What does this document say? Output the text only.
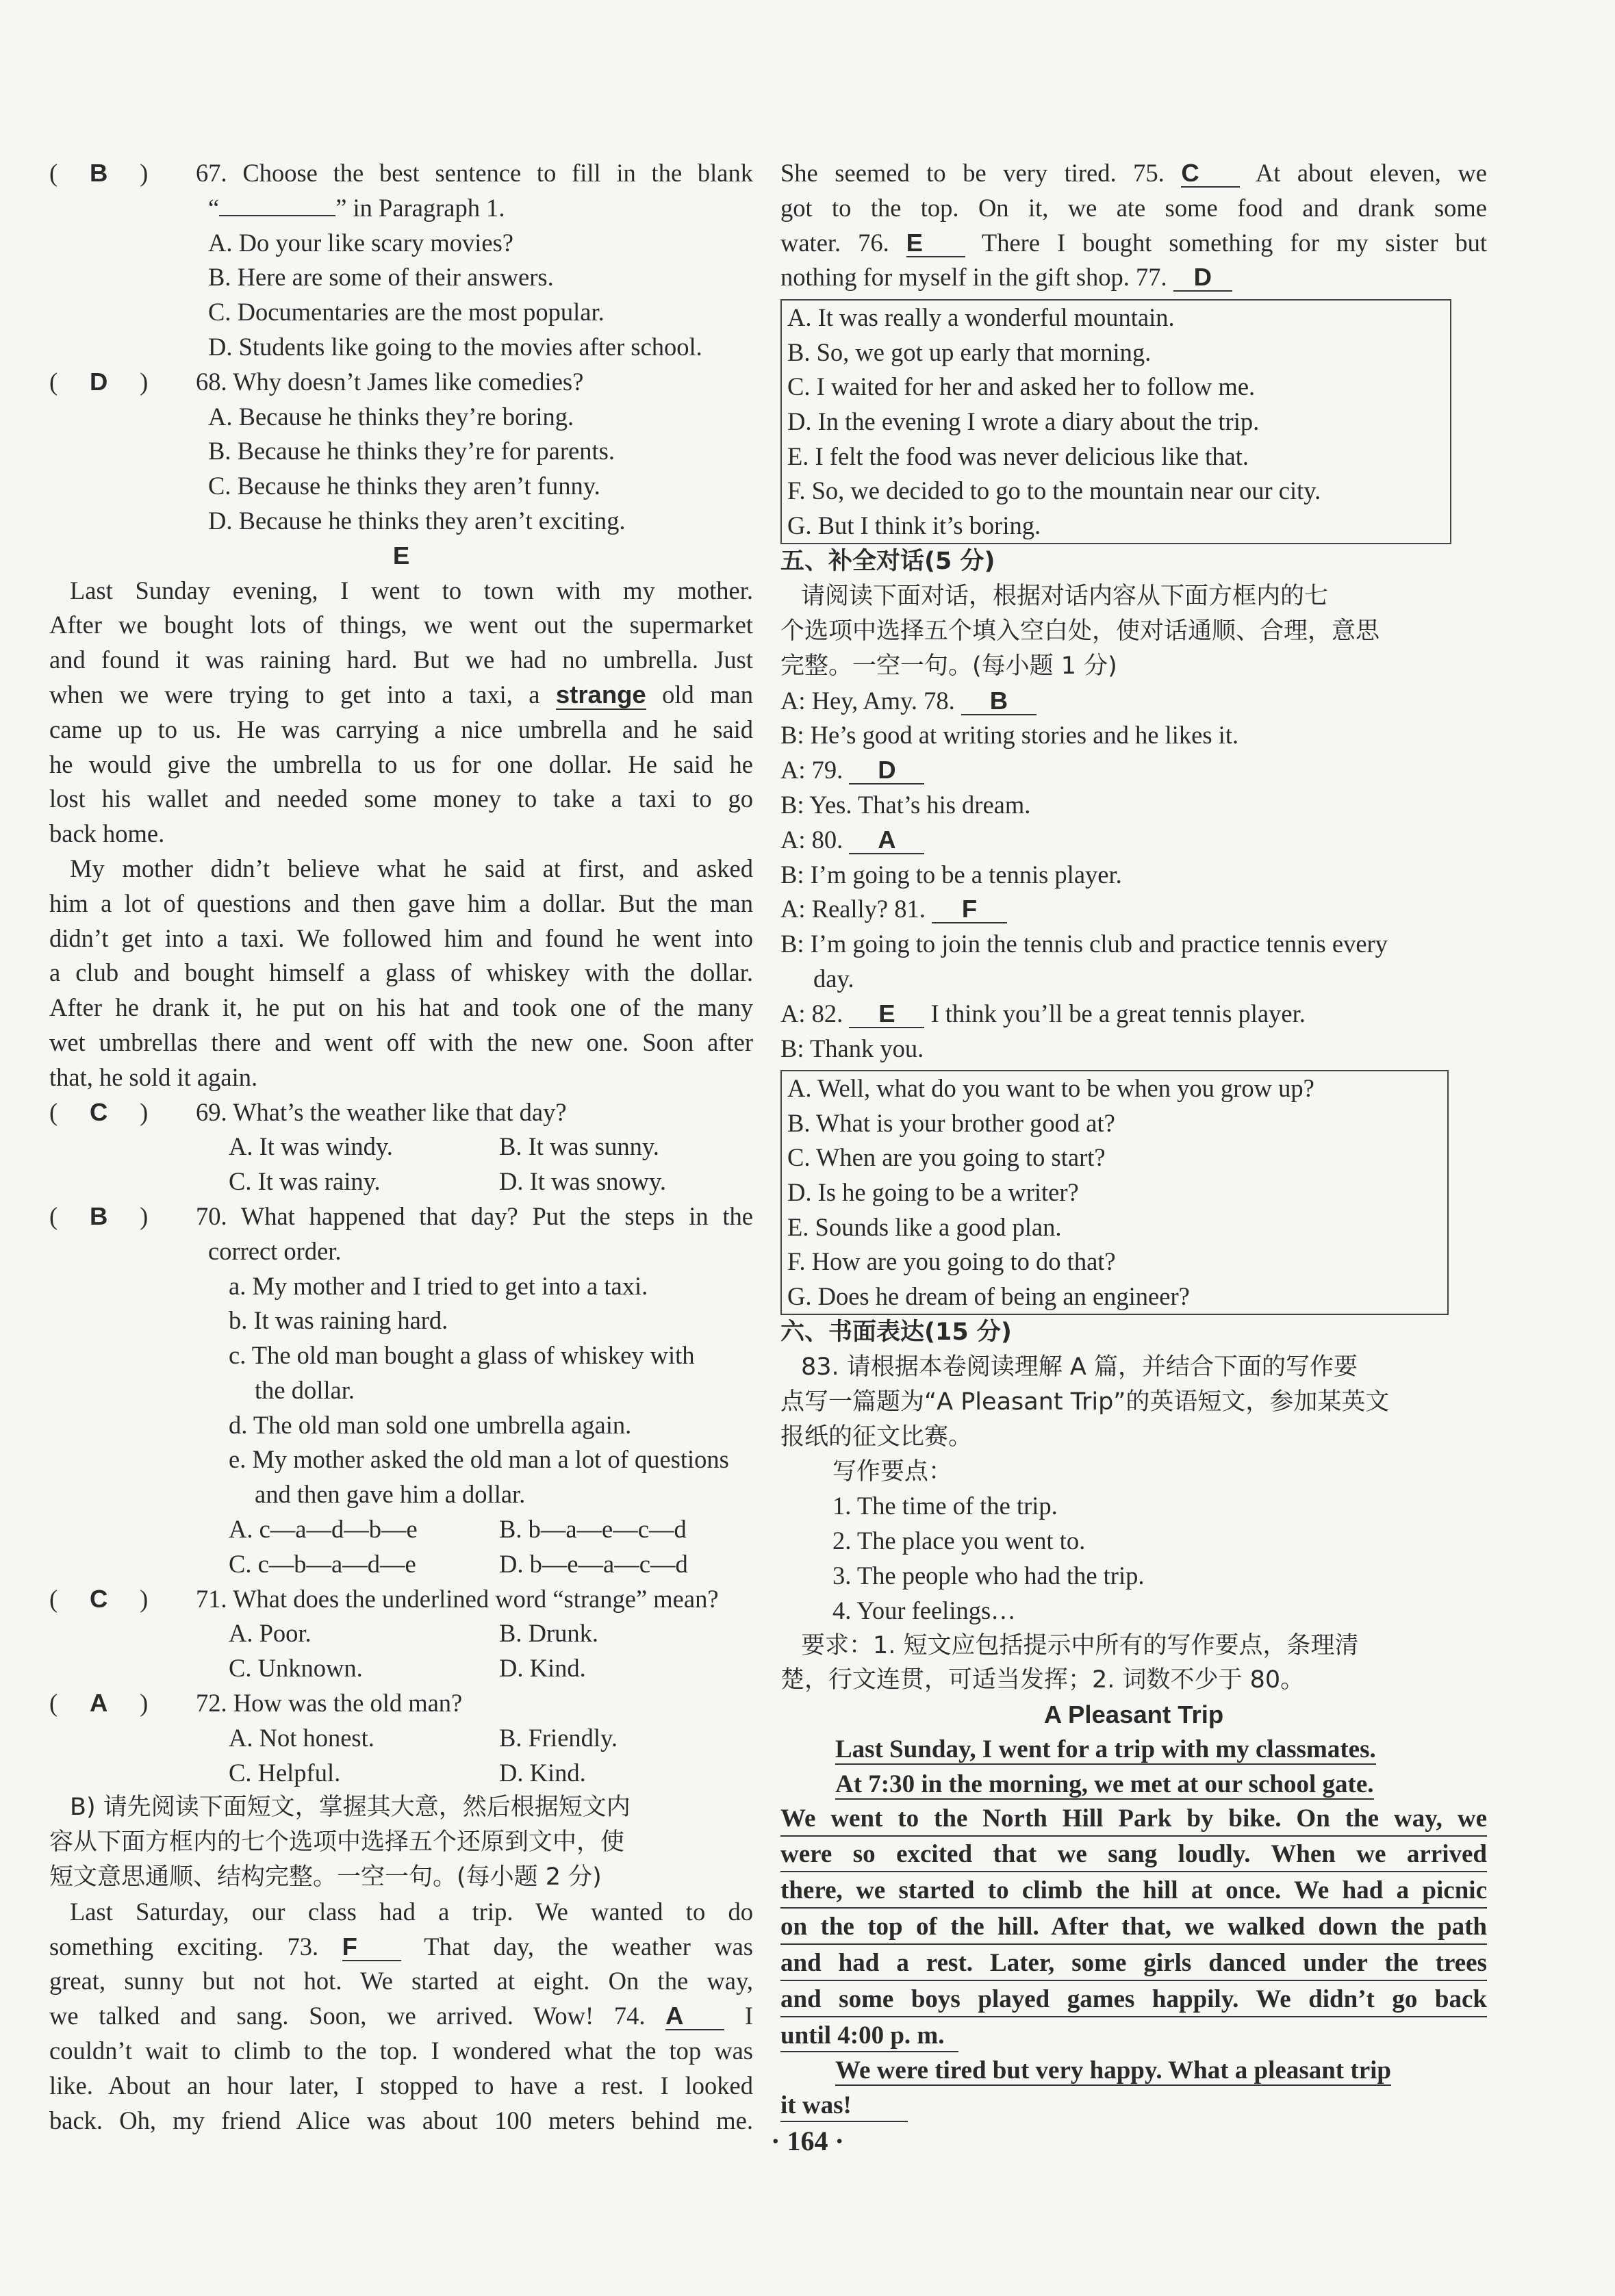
( B ) 67. Choose the best sentence to fill in the blank
“	” in Paragraph 1.
A. Do your like scary movies?
B. Here are some of their answers.
C. Documentaries are the most popular.
D. Students like going to the movies after school.
( D ) 68. Why doesn’t James like comedies?
A. Because he thinks they’re boring.
B. Because he thinks they’re for parents.
C. Because he thinks they aren’t funny.
D. Because he thinks they aren’t exciting.
E
Last Sunday evening, I went to town with my mother.
After we bought lots of things, we went out the supermarket
and found it was raining hard. But we had no umbrella. Just
when we were trying to get into a taxi, a strange old man
came up to us. He was carrying a nice umbrella and he said
he would give the umbrella to us for one dollar. He said he
lost his wallet and needed some money to take a taxi to go
back home.
My mother didn’t believe what he said at first, and asked
him a lot of questions and then gave him a dollar. But the man
didn’t get into a taxi. We followed him and found he went into
a club and bought himself a glass of whiskey with the dollar.
After he drank it, he put on his hat and took one of the many
wet umbrellas there and went off with the new one. Soon after
that, he sold it again.
( C ) 69. What’s the weather like that day?
A. It was windy.	B. It was sunny.
C. It was rainy.	D. It was snowy.
( B ) 70. What happened that day? Put the steps in the
correct order.
a. My mother and I tried to get into a taxi.
b. It was raining hard.
c. The old man bought a glass of whiskey with
the dollar.
d. The old man sold one umbrella again.
e. My mother asked the old man a lot of questions
and then gave him a dollar.
A. c—a—d—b—e	B. b—a—e—c—d
C. c—b—a—d—e	D. b—e—a—c—d
( C ) 71. What does the underlined word “strange” mean?
A. Poor.	B. Drunk.
C. Unknown.	D. Kind.
( A ) 72. How was the old man?
A. Not honest.	B. Friendly.
C. Helpful.	D. Kind.
B) 请先阅读下面短文，掌握其大意，然后根据短文内
容从下面方框内的七个选项中选择五个还原到文中，使
短文意思通顺、结构完整。一空一句。(每小题 2 分)
Last Saturday, our class had a trip. We wanted to do
something exciting. 73. F	That day, the weather was
great, sunny but not hot. We started at eight. On the way,
we talked and sang. Soon, we arrived. Wow! 74. A I
couldn’t wait to climb to the top. I wondered what the top was
like. About an hour later, I stopped to have a rest. I looked
back. Oh, my friend Alice was about 100 meters behind me.
She seemed to be very tired. 75. C At about eleven, we
got to the top. On it, we ate some food and drank some
water. 76. E There I bought something for my sister but
nothing for myself in the gift shop. 77. D
A. It was really a wonderful mountain.
B. So, we got up early that morning.
C. I waited for her and asked her to follow me.
D. In the evening I wrote a diary about the trip.
E. I felt the food was never delicious like that.
F. So, we decided to go to the mountain near our city.
G. But I think it’s boring.
五、补全对话(5 分)
请阅读下面对话，根据对话内容从下面方框内的七
个选项中选择五个填入空白处，使对话通顺、合理，意思
完整。一空一句。(每小题 1 分)
A: Hey, Amy. 78. B
B: He’s good at writing stories and he likes it.
A: 79. D
B: Yes. That’s his dream.
A: 80. A
B: I’m going to be a tennis player.
A: Really? 81. F
B: I’m going to join the tennis club and practice tennis every
day.
A: 82. E I think you’ll be a great tennis player.
B: Thank you.
A. Well, what do you want to be when you grow up?
B. What is your brother good at?
C. When are you going to start?
D. Is he going to be a writer?
E. Sounds like a good plan.
F. How are you going to do that?
G. Does he dream of being an engineer?
六、书面表达(15 分)
83. 请根据本卷阅读理解 A 篇，并结合下面的写作要
点写一篇题为“A Pleasant Trip”的英语短文，参加某英文
报纸的征文比赛。
写作要点：
1. The time of the trip.
2. The place you went to.
3. The people who had the trip.
4. Your feelings…
要求：1. 短文应包括提示中所有的写作要点，条理清
楚，行文连贯，可适当发挥；2. 词数不少于 80。
A Pleasant Trip
Last Sunday, I went for a trip with my classmates.
At 7:30 in the morning, we met at our school gate.
We went to the North Hill Park by bike. On the way, we
were so excited that we sang loudly. When we arrived
there, we started to climb the hill at once. We had a picnic
on the top of the hill. After that, we walked down the path
and had a rest. Later, some girls danced under the trees
and some boys played games happily. We didn’t go back
until 4:00 p. m.
We were tired but very happy. What a pleasant trip
it was!
· 164 ·
